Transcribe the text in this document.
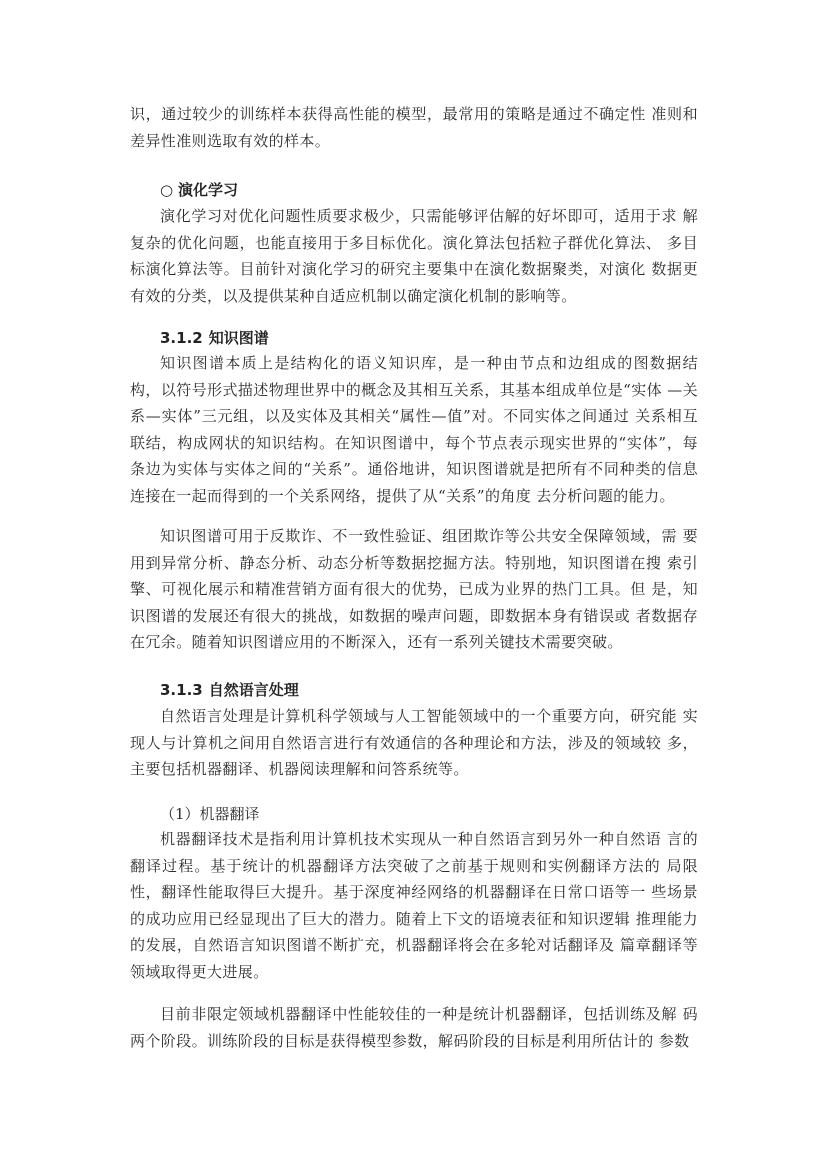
识，通过较少的训练样本获得高性能的模型，最常用的策略是通过不确定性 准则和差异性准则选取有效的样本。

○ 演化学习

演化学习对优化问题性质要求极少，只需能够评估解的好坏即可，适用于求 解复杂的优化问题，也能直接用于多目标优化。演化算法包括粒子群优化算法、 多目标演化算法等。目前针对演化学习的研究主要集中在演化数据聚类，对演化 数据更有效的分类，以及提供某种自适应机制以确定演化机制的影响等。

3.1.2 知识图谱

知识图谱本质上是结构化的语义知识库，是一种由节点和边组成的图数据结 构，以符号形式描述物理世界中的概念及其相互关系，其基本组成单位是“实体 —关系—实体”三元组，以及实体及其相关“属性—值”对。不同实体之间通过 关系相互联结，构成网状的知识结构。在知识图谱中，每个节点表示现实世界的“实体”，每条边为实体与实体之间的“关系”。通俗地讲，知识图谱就是把所有不同种类的信息连接在一起而得到的一个关系网络，提供了从“关系”的角度 去分析问题的能力。

知识图谱可用于反欺诈、不一致性验证、组团欺诈等公共安全保障领域，需 要用到异常分析、静态分析、动态分析等数据挖掘方法。特别地，知识图谱在搜 索引擎、可视化展示和精准营销方面有很大的优势，已成为业界的热门工具。但 是，知识图谱的发展还有很大的挑战，如数据的噪声问题，即数据本身有错误或 者数据存在冗余。随着知识图谱应用的不断深入，还有一系列关键技术需要突破。

3.1.3 自然语言处理

自然语言处理是计算机科学领域与人工智能领域中的一个重要方向，研究能 实现人与计算机之间用自然语言进行有效通信的各种理论和方法，涉及的领域较 多，主要包括机器翻译、机器阅读理解和问答系统等。

（1）机器翻译

机器翻译技术是指利用计算机技术实现从一种自然语言到另外一种自然语 言的翻译过程。基于统计的机器翻译方法突破了之前基于规则和实例翻译方法的 局限性，翻译性能取得巨大提升。基于深度神经网络的机器翻译在日常口语等一 些场景的成功应用已经显现出了巨大的潜力。随着上下文的语境表征和知识逻辑 推理能力的发展，自然语言知识图谱不断扩充，机器翻译将会在多轮对话翻译及 篇章翻译等领域取得更大进展。

目前非限定领域机器翻译中性能较佳的一种是统计机器翻译，包括训练及解 码两个阶段。训练阶段的目标是获得模型参数，解码阶段的目标是利用所估计的 参数
